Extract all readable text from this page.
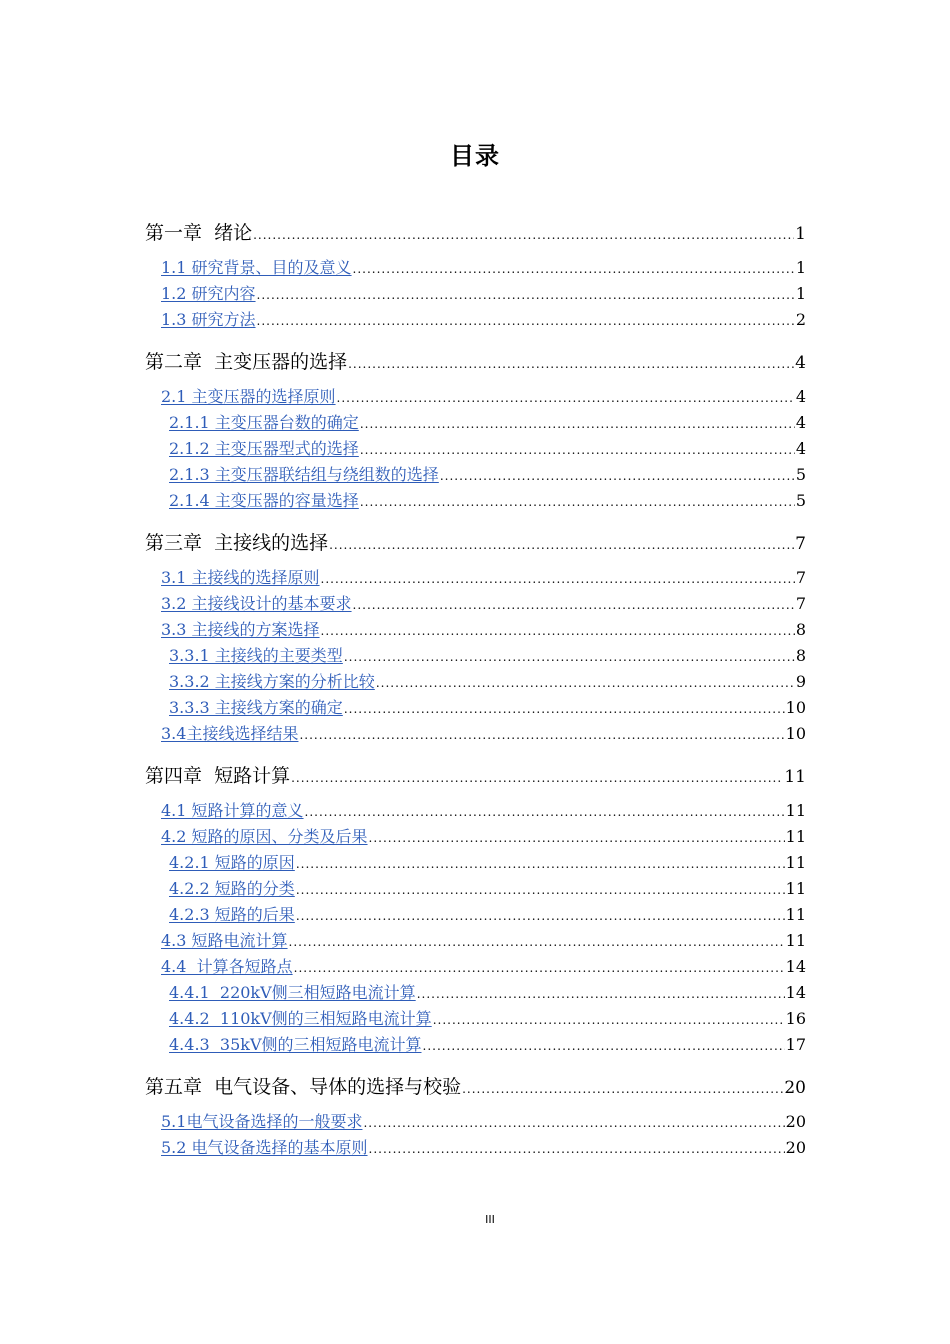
目录
第一章  绪论 .....	1
1.1 研究背景、目的及意义 .....	1
1.2 研究内容 .....	1
1.3 研究方法 .....	2
第二章  主变压器的选择 .....	4
2.1 主变压器的选择原则 .....	4
2.1.1 主变压器台数的确定 .....	4
2.1.2 主变压器型式的选择 .....	4
2.1.3 主变压器联结组与绕组数的选择 .....	5
2.1.4 主变压器的容量选择 .....	5
第三章  主接线的选择 .....	7
3.1 主接线的选择原则 .....	7
3.2 主接线设计的基本要求 .....	7
3.3 主接线的方案选择 .....	8
3.3.1 主接线的主要类型 .....	8
3.3.2 主接线方案的分析比较 .....	9
3.3.3 主接线方案的确定 .....	10
3.4主接线选择结果 .....	10
第四章  短路计算 .....	11
4.1 短路计算的意义 .....	11
4.2 短路的原因、分类及后果 .....	11
4.2.1 短路的原因 .....	11
4.2.2 短路的分类 .....	11
4.2.3 短路的后果 .....	11
4.3 短路电流计算 .....	11
4.4  计算各短路点 .....	14
4.4.1  220kV侧三相短路电流计算 .....	14
4.4.2  110kV侧的三相短路电流计算 .....	16
4.4.3  35kV侧的三相短路电流计算 .....	17
第五章  电气设备、导体的选择与校验 .....	20
5.1电气设备选择的一般要求 .....	20
5.2 电气设备选择的基本原则 .....	20
III
